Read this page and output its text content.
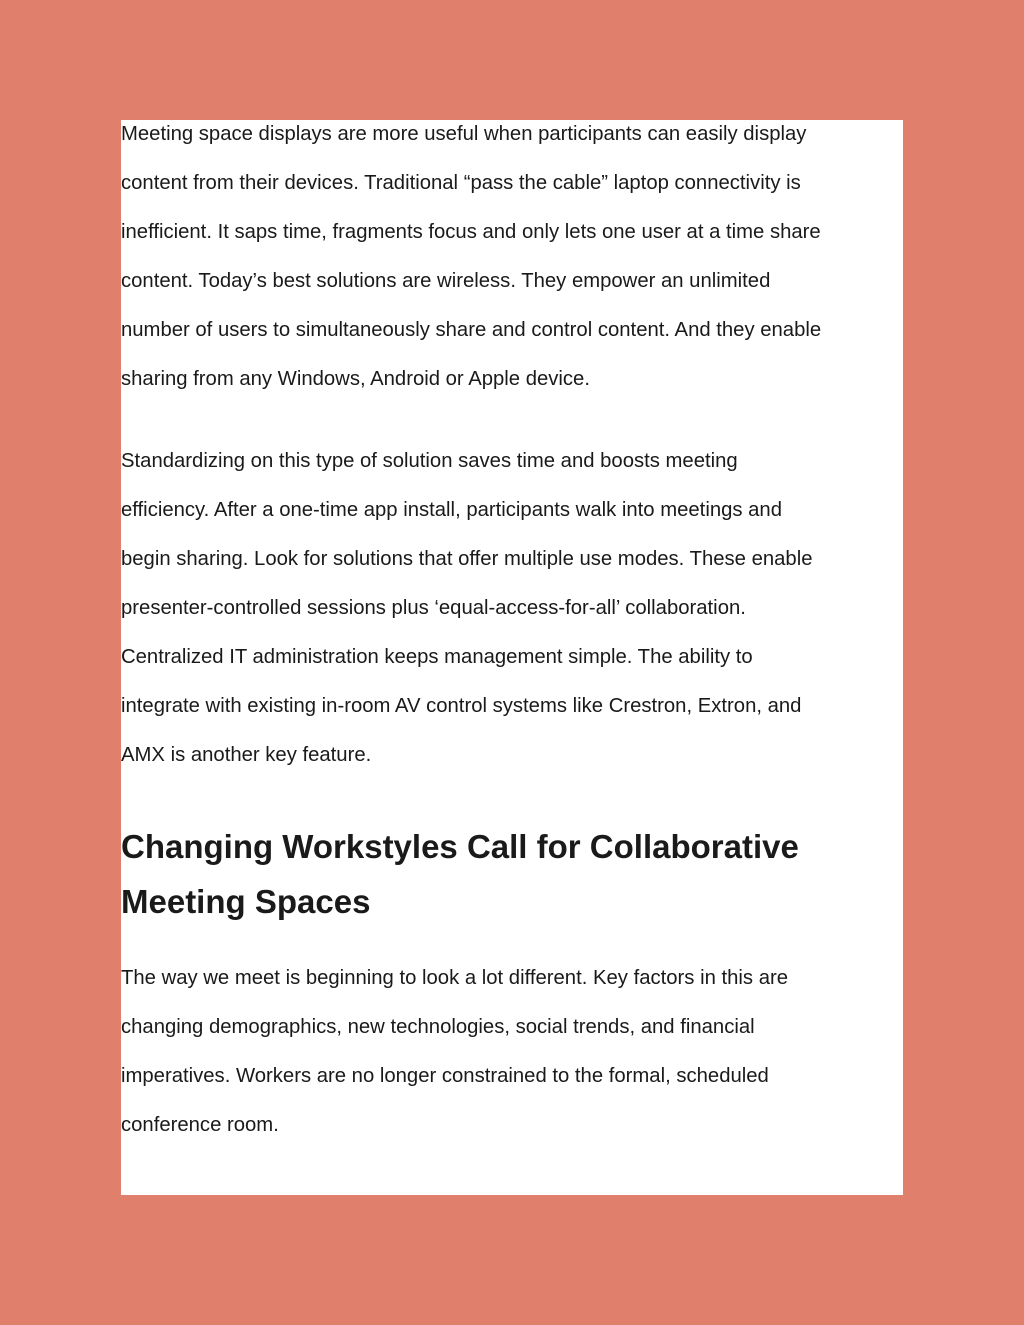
Meeting space displays are more useful when participants can easily display
content from their devices. Traditional “pass the cable” laptop connectivity is
inefficient. It saps time, fragments focus and only lets one user at a time share
content. Today’s best solutions are wireless. They empower an unlimited
number of users to simultaneously share and control content. And they enable
sharing from any Windows, Android or Apple device.

Standardizing on this type of solution saves time and boosts meeting
efficiency. After a one-time app install, participants walk into meetings and
begin sharing. Look for solutions that offer multiple use modes. These enable
presenter-controlled sessions plus ‘equal-access-for-all’ collaboration.
Centralized IT administration keeps management simple. The ability to
integrate with existing in-room AV control systems like Crestron, Extron, and
AMX is another key feature.

Changing Workstyles Call for Collaborative
Meeting Spaces

The way we meet is beginning to look a lot different. Key factors in this are
changing demographics, new technologies, social trends, and financial
imperatives. Workers are no longer constrained to the formal, scheduled
conference room.
